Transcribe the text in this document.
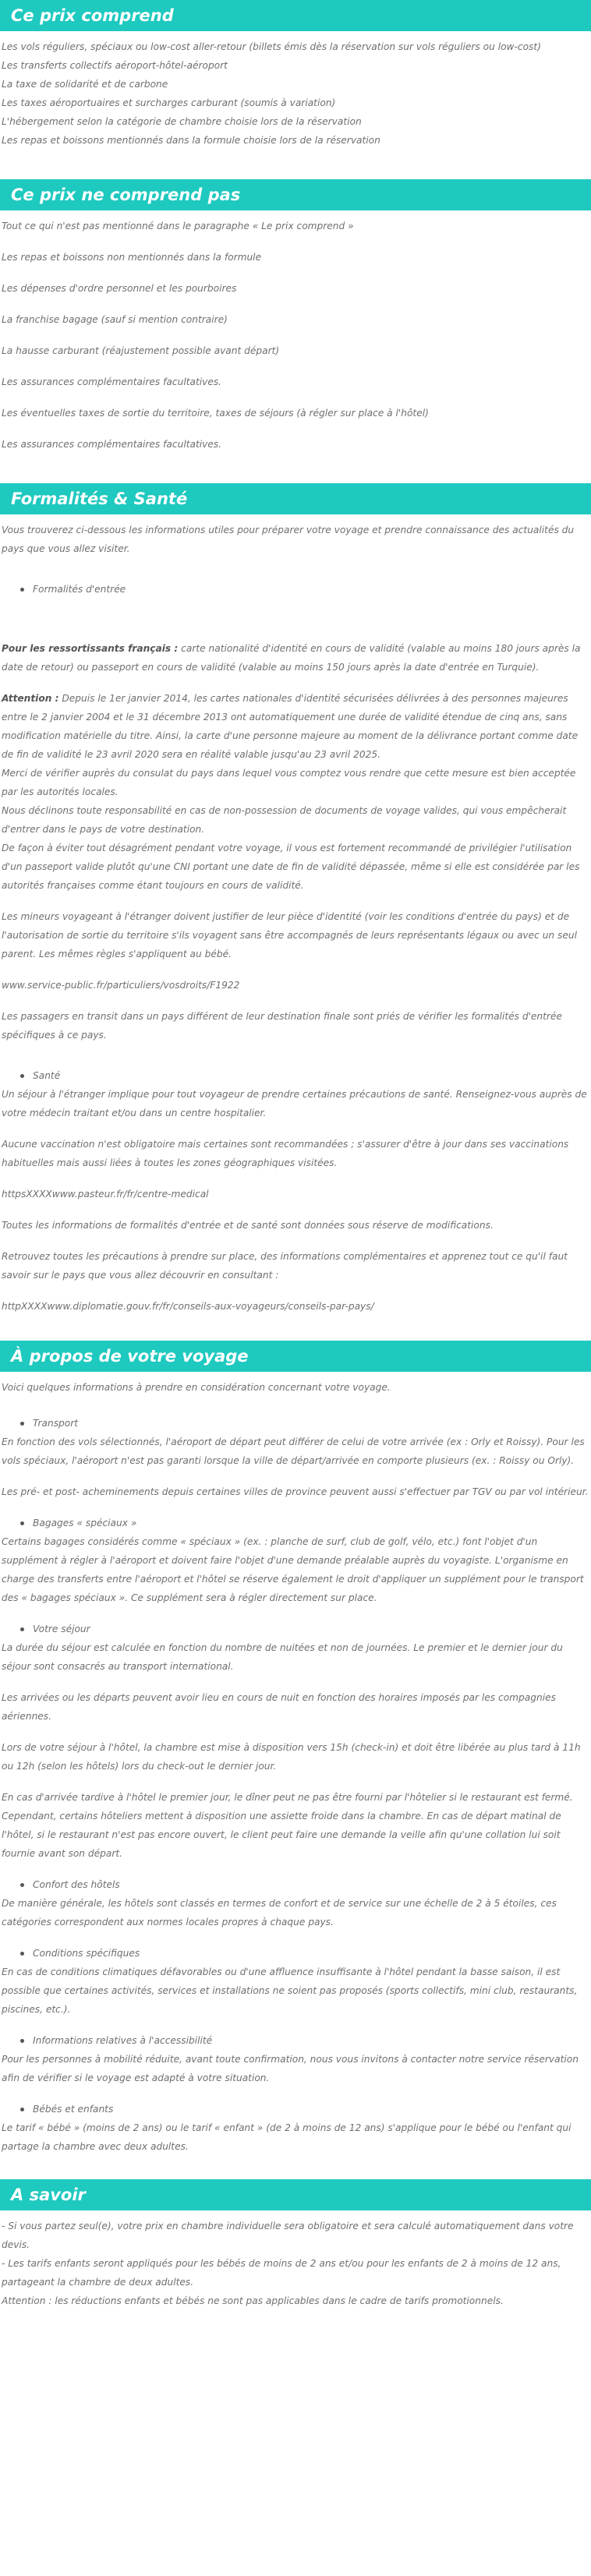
Ce prix comprend

Les vols réguliers, spéciaux ou low-cost aller-retour (billets émis dès la réservation sur vols réguliers ou low-cost)

Les transferts collectifs aéroport-hôtel-aéroport

La taxe de solidarité et de carbone

Les taxes aéroportuaires et surcharges carburant (soumis à variation)

L'hébergement selon la catégorie de chambre choisie lors de la réservation

Les repas et boissons mentionnés dans la formule choisie lors de la réservation

Ce prix ne comprend pas

Tout ce qui n'est pas mentionné dans le paragraphe « Le prix comprend »

Les repas et boissons non mentionnés dans la formule

Les dépenses d'ordre personnel et les pourboires

La franchise bagage (sauf si mention contraire)

La hausse carburant (réajustement possible avant départ)

Les assurances complémentaires facultatives.

Les éventuelles taxes de sortie du territoire, taxes de séjours (à régler sur place à l'hôtel)

Les assurances complémentaires facultatives.

Formalités & Santé

Vous trouverez ci-dessous les informations utiles pour préparer votre voyage et prendre connaissance des actualités du pays que vous allez visiter.

Formalités d'entrée

Pour les ressortissants français : carte nationalité d'identité en cours de validité (valable au moins 180 jours après la date de retour) ou passeport en cours de validité (valable au moins 150 jours après la date d'entrée en Turquie).

Attention : Depuis le 1er janvier 2014, les cartes nationales d'identité sécurisées délivrées à des personnes majeures entre le 2 janvier 2004 et le 31 décembre 2013 ont automatiquement une durée de validité étendue de cinq ans, sans modification matérielle du titre. Ainsi, la carte d'une personne majeure au moment de la délivrance portant comme date de fin de validité le 23 avril 2020 sera en réalité valable jusqu'au 23 avril 2025.

Merci de vérifier auprès du consulat du pays dans lequel vous comptez vous rendre que cette mesure est bien acceptée par les autorités locales.

Nous déclinons toute responsabilité en cas de non-possession de documents de voyage valides, qui vous empêcherait d'entrer dans le pays de votre destination.

De façon à éviter tout désagrément pendant votre voyage, il vous est fortement recommandé de privilégier l'utilisation d'un passeport valide plutôt qu'une CNI portant une date de fin de validité dépassée, même si elle est considérée par les autorités françaises comme étant toujours en cours de validité.

Les mineurs voyageant à l'étranger doivent justifier de leur pièce d'identité (voir les conditions d'entrée du pays) et de l'autorisation de sortie du territoire s'ils voyagent sans être accompagnés de leurs représentants légaux ou avec un seul parent. Les mêmes règles s'appliquent au bébé.

www.service-public.fr/particuliers/vosdroits/F1922

Les passagers en transit dans un pays différent de leur destination finale sont priés de vérifier les formalités d'entrée spécifiques à ce pays.

Santé

Un séjour à l'étranger implique pour tout voyageur de prendre certaines précautions de santé. Renseignez-vous auprès de votre médecin traitant et/ou dans un centre hospitalier.

Aucune vaccination n'est obligatoire mais certaines sont recommandées ; s'assurer d'être à jour dans ses vaccinations habituelles mais aussi liées à toutes les zones géographiques visitées.

httpsXXXXwww.pasteur.fr/fr/centre-medical

Toutes les informations de formalités d'entrée et de santé sont données sous réserve de modifications.

Retrouvez toutes les précautions à prendre sur place, des informations complémentaires et apprenez tout ce qu'il faut savoir sur le pays que vous allez découvrir en consultant :

httpXXXXwww.diplomatie.gouv.fr/fr/conseils-aux-voyageurs/conseils-par-pays/

À propos de votre voyage

Voici quelques informations à prendre en considération concernant votre voyage.

Transport

En fonction des vols sélectionnés, l'aéroport de départ peut différer de celui de votre arrivée (ex : Orly et Roissy). Pour les vols spéciaux, l'aéroport n'est pas garanti lorsque la ville de départ/arrivée en comporte plusieurs (ex. : Roissy ou Orly).

Les pré- et post- acheminements depuis certaines villes de province peuvent aussi s'effectuer par TGV ou par vol intérieur.

Bagages « spéciaux »

Certains bagages considérés comme « spéciaux » (ex. : planche de surf, club de golf, vélo, etc.) font l'objet d'un supplément à régler à l'aéroport et doivent faire l'objet d'une demande préalable auprès du voyagiste. L'organisme en charge des transferts entre l'aéroport et l'hôtel se réserve également le droit d'appliquer un supplément pour le transport des « bagages spéciaux ». Ce supplément sera à régler directement sur place.

Votre séjour

La durée du séjour est calculée en fonction du nombre de nuitées et non de journées. Le premier et le dernier jour du séjour sont consacrés au transport international.

Les arrivées ou les départs peuvent avoir lieu en cours de nuit en fonction des horaires imposés par les compagnies aériennes.

Lors de votre séjour à l'hôtel, la chambre est mise à disposition vers 15h (check-in) et doit être libérée au plus tard à 11h ou 12h (selon les hôtels) lors du check-out le dernier jour.

En cas d'arrivée tardive à l'hôtel le premier jour, le dîner peut ne pas être fourni par l'hôtelier si le restaurant est fermé. Cependant, certains hôteliers mettent à disposition une assiette froide dans la chambre. En cas de départ matinal de l'hôtel, si le restaurant n'est pas encore ouvert, le client peut faire une demande la veille afin qu'une collation lui soit fournie avant son départ.

Confort des hôtels

De manière générale, les hôtels sont classés en termes de confort et de service sur une échelle de 2 à 5 étoiles, ces catégories correspondent aux normes locales propres à chaque pays.

Conditions spécifiques

En cas de conditions climatiques défavorables ou d'une affluence insuffisante à l'hôtel pendant la basse saison, il est possible que certaines activités, services et installations ne soient pas proposés (sports collectifs, mini club, restaurants, piscines, etc.).

Informations relatives à l'accessibilité

Pour les personnes à mobilité réduite, avant toute confirmation, nous vous invitons à contacter notre service réservation afin de vérifier si le voyage est adapté à votre situation.

Bébés et enfants

Le tarif « bébé » (moins de 2 ans) ou le tarif « enfant » (de 2 à moins de 12 ans) s'applique pour le bébé ou l'enfant qui partage la chambre avec deux adultes.

A savoir

- Si vous partez seul(e), votre prix en chambre individuelle sera obligatoire et sera calculé automatiquement dans votre devis.

- Les tarifs enfants seront appliqués pour les bébés de moins de 2 ans et/ou pour les enfants de 2 à moins de 12 ans, partageant la chambre de deux adultes.

Attention : les réductions enfants et bébés ne sont pas applicables dans le cadre de tarifs promotionnels.
